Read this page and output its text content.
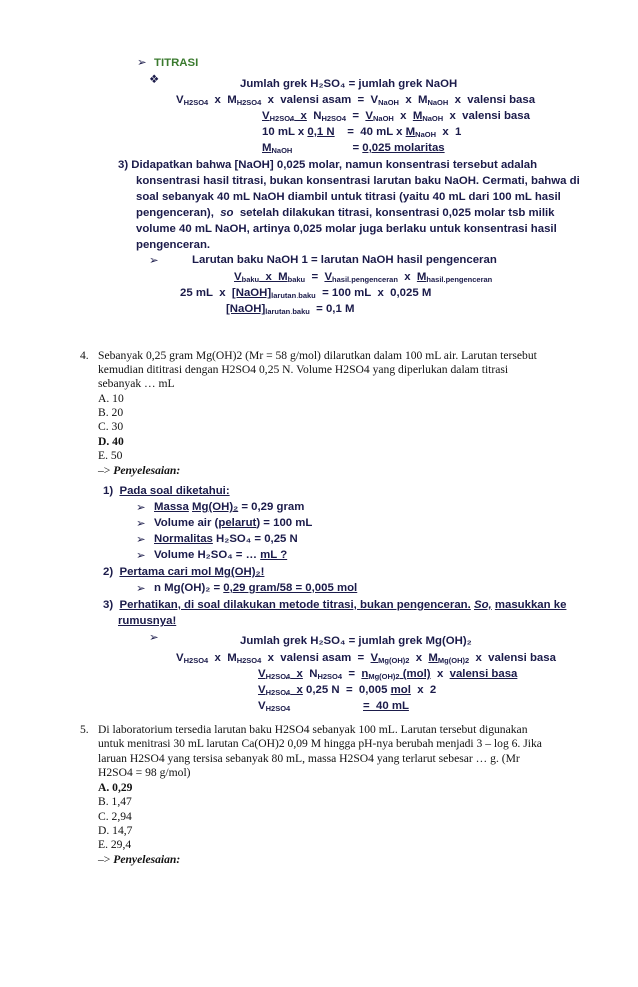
➢ TITRASI
❖	Jumlah grek H₂SO₄ = jumlah grek NaOH
$V_{H2SO4}$  x  $M_{H2SO4}$  x  valensi asam  =  $V_{NaOH}$  x  $M_{NaOH}$  x  valensi basa
$V_{H2SO4}$  x  $N_{H2SO4} = V_{NaOH}$  x  $M_{NaOH}$  x  valensi basa
10 mL x 0,1 N    =  40 mL x $M_{NaOH}$  x  1
$M_{NaOH}$                   = 0,025 molaritas
3) Didapatkan bahwa [NaOH] 0,025 molar, namun konsentrasi tersebut adalah
konsentrasi hasil titrasi, bukan konsentrasi larutan baku NaOH. Cermati, bahwa di
soal sebanyak 40 mL NaOH diambil untuk titrasi (yaitu 40 mL dari 100 mL hasil
pengenceran), so setelah dilakukan titrasi, konsentrasi 0,025 molar tsb milik
volume 40 mL NaOH, artinya 0,025 molar juga berlaku untuk konsentrasi hasil
pengenceran.
➢	Larutan baku NaOH 1 = larutan NaOH hasil pengenceran
$V_{baku}$  x  $M_{baku} = V_{hasil pengenceran}$  x  $M_{hasil pengenceran}$
25 mL  x  $[NaOH]_{larutan baku} = 100$ mL  x  0,025 M
$[NaOH]_{larutan baku} = 0,1$ M
4. Sebanyak 0,25 gram Mg(OH)2 (Mr = 58 g/mol) dilarutkan dalam 100 mL air. Larutan tersebut
kemudian dititrasi dengan H2SO4 0,25 N. Volume H2SO4 yang diperlukan dalam titrasi
sebanyak … mL
A. 10
B. 20
C. 30
D. 40
E. 50
–> Penyelesaian:
1)  Pada soal diketahui:
➢ Massa Mg(OH)₂ = 0,29 gram
➢ Volume air (pelarut) = 100 mL
➢ Normalitas H₂SO₄ = 0,25 N
➢ Volume H₂SO₄ = … mL ?
2)  Pertama cari mol Mg(OH)₂!
➢ n Mg(OH)₂ = 0,29 gram/58 = 0,005 mol
3)  Perhatikan, di soal dilakukan metode titrasi, bukan pengenceran. So, masukkan ke
rumusnya!
➢	Jumlah grek H₂SO₄ = jumlah grek Mg(OH)₂
$V_{H2SO4}$  x  $M_{H2SO4}$  x  valensi asam  =  $V_{Mg(OH)2}$  x  $M_{Mg(OH)2}$  x  valensi basa
$V_{H2SO4}$  x  $N_{H2SO4} = n_{Mg(OH)2}$ (mol)  x  valensi basa
$V_{H2SO4}$  x 0,25 N  =  0,005 mol  x  2
$V_{H2SO4}$	=  40 mL
5. Di laboratorium tersedia larutan baku H2SO4 sebanyak 100 mL. Larutan tersebut digunakan
untuk menitrasi 30 mL larutan Ca(OH)2 0,09 M hingga pH-nya berubah menjadi 3 – log 6. Jika
laruan H2SO4 yang tersisa sebanyak 80 mL, massa H2SO4 yang terlarut sebesar … g. (Mr
H2SO4 = 98 g/mol)
A. 0,29
B. 1,47
C. 2,94
D. 14,7
E. 29,4
–> Penyelesaian:
